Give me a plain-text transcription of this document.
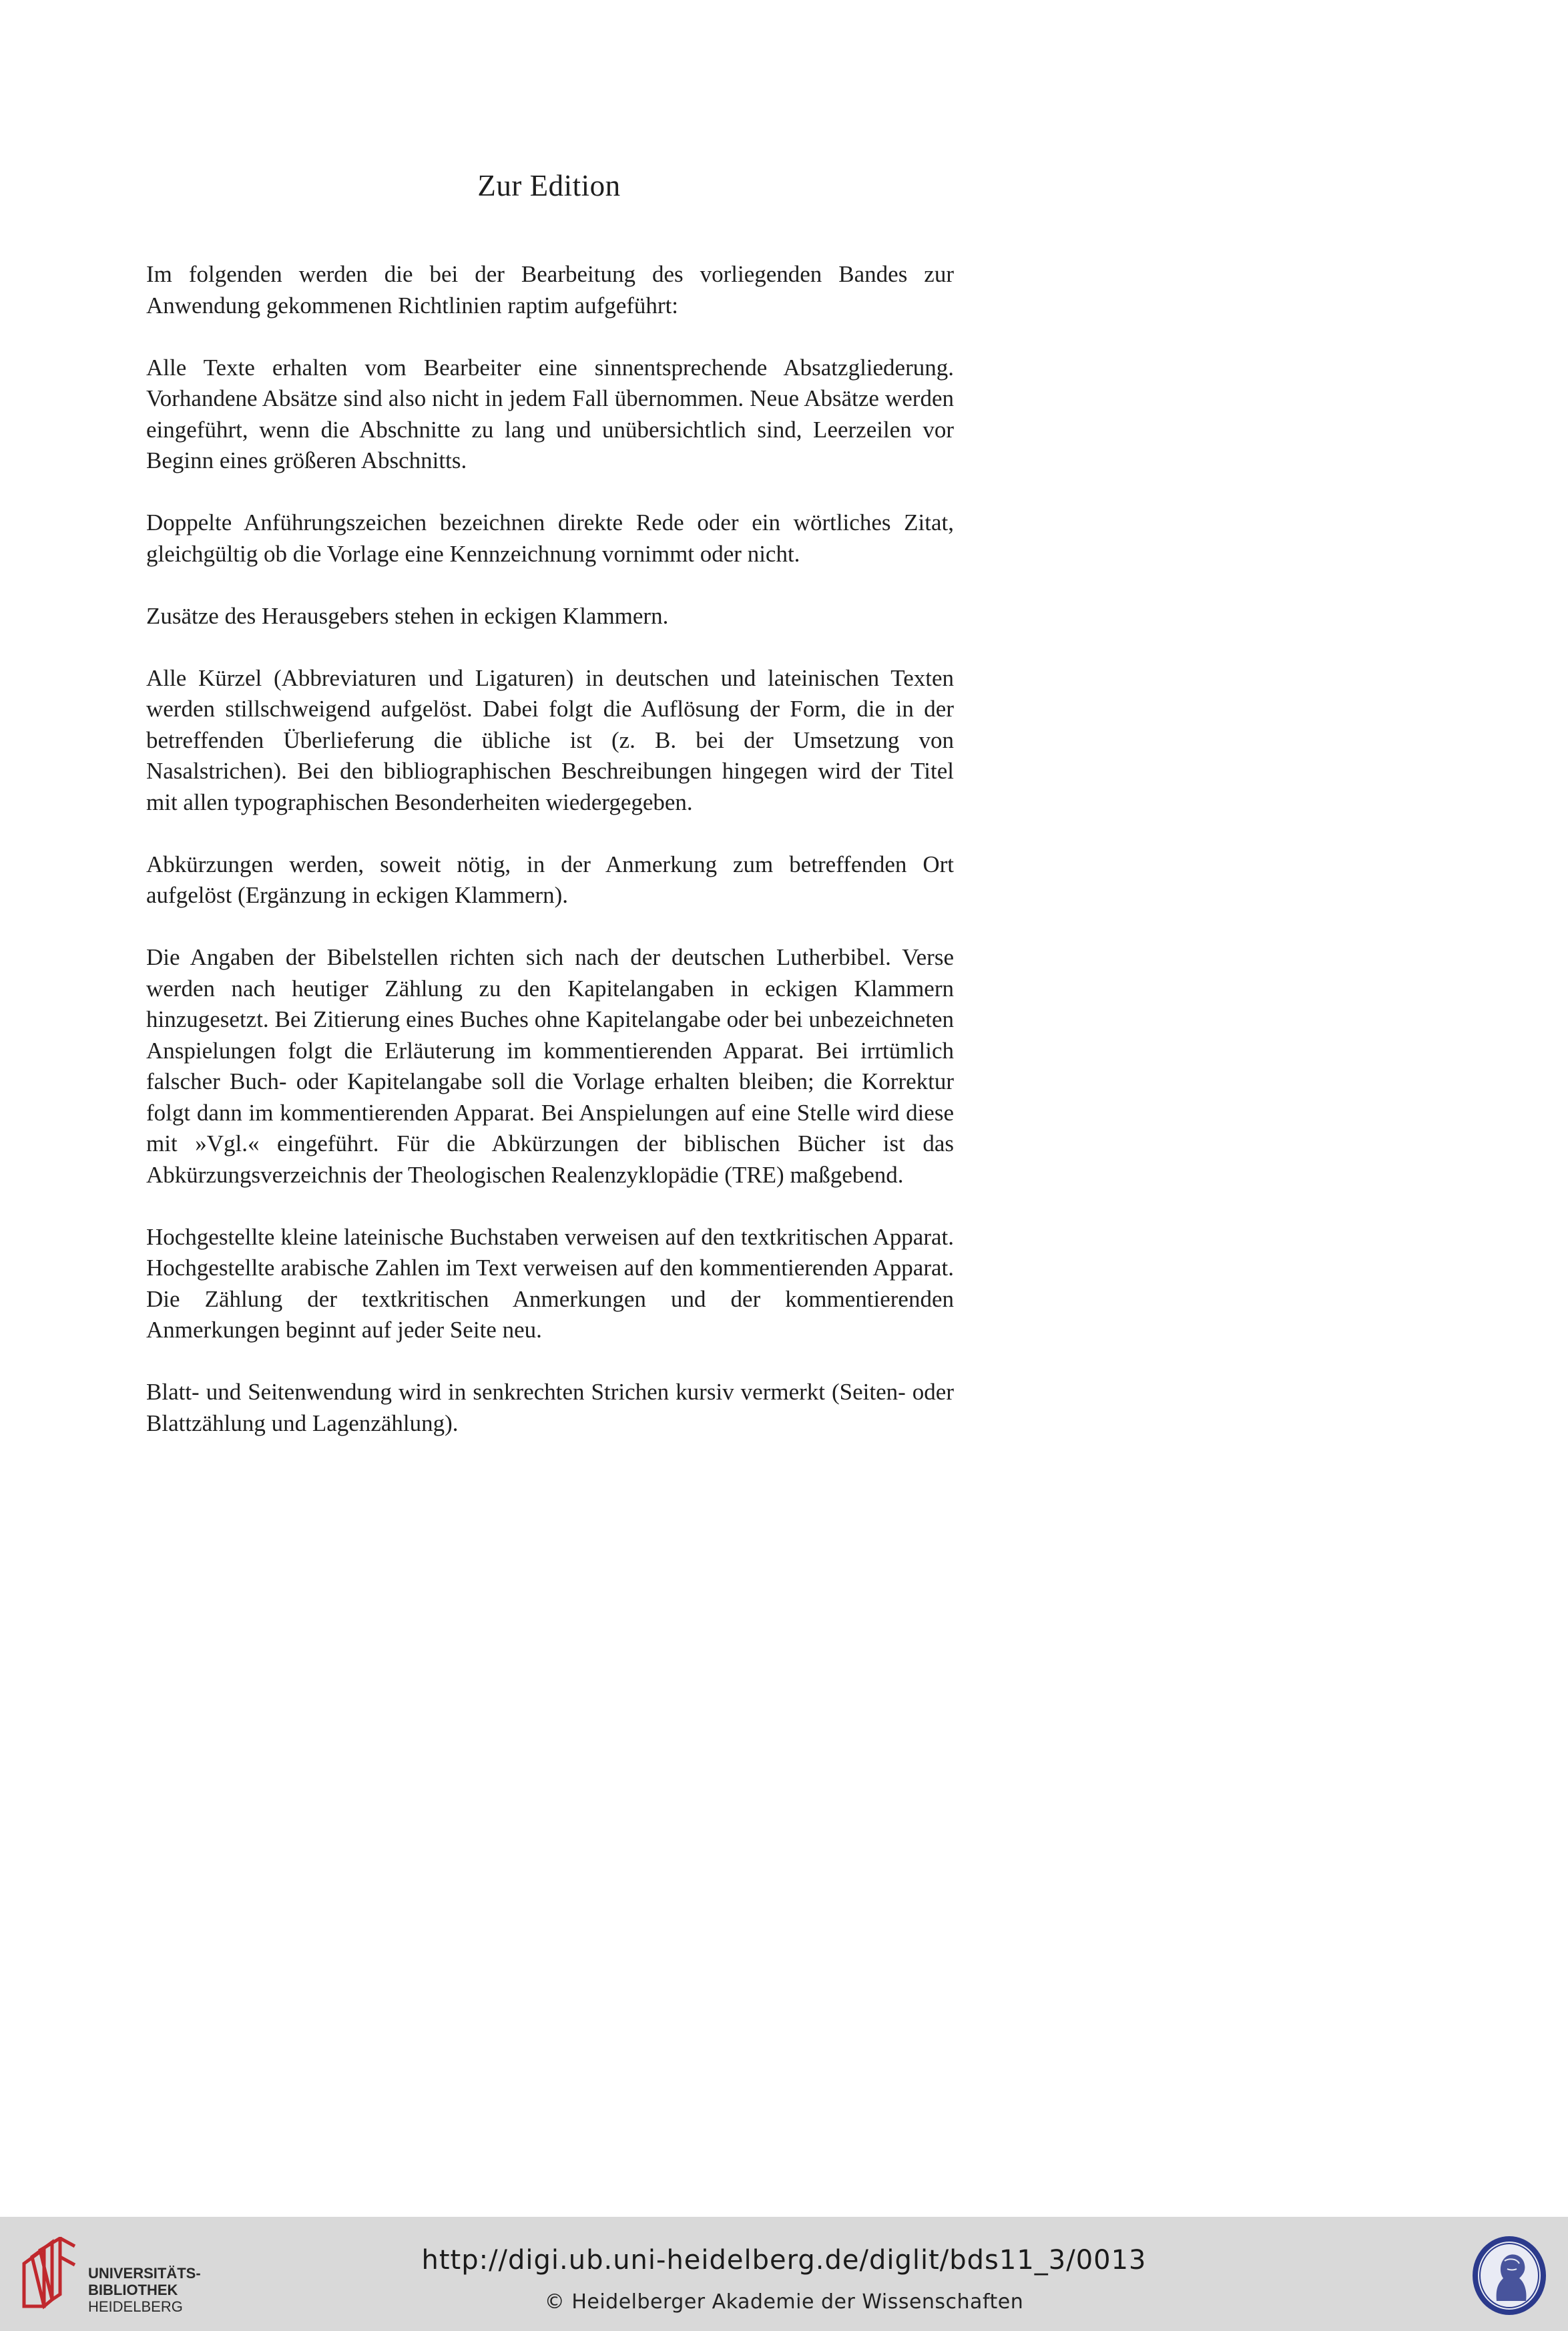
Zur Edition

Im folgenden werden die bei der Bearbeitung des vorliegenden Bandes zur Anwendung gekommenen Richtlinien raptim aufgeführt:

Alle Texte erhalten vom Bearbeiter eine sinnentsprechende Absatzgliederung. Vorhandene Absätze sind also nicht in jedem Fall übernommen. Neue Absätze werden eingeführt, wenn die Abschnitte zu lang und unübersichtlich sind, Leerzeilen vor Beginn eines größeren Abschnitts.

Doppelte Anführungszeichen bezeichnen direkte Rede oder ein wörtliches Zitat, gleichgültig ob die Vorlage eine Kennzeichnung vornimmt oder nicht.

Zusätze des Herausgebers stehen in eckigen Klammern.

Alle Kürzel (Abbreviaturen und Ligaturen) in deutschen und lateinischen Texten werden stillschweigend aufgelöst. Dabei folgt die Auflösung der Form, die in der betreffenden Überlieferung die übliche ist (z. B. bei der Umsetzung von Nasalstrichen). Bei den bibliographischen Beschreibungen hingegen wird der Titel mit allen typographischen Besonderheiten wiedergegeben.

Abkürzungen werden, soweit nötig, in der Anmerkung zum betreffenden Ort aufgelöst (Ergänzung in eckigen Klammern).

Die Angaben der Bibelstellen richten sich nach der deutschen Lutherbibel. Verse werden nach heutiger Zählung zu den Kapitelangaben in eckigen Klammern hinzugesetzt. Bei Zitierung eines Buches ohne Kapitelangabe oder bei unbezeichneten Anspielungen folgt die Erläuterung im kommentierenden Apparat. Bei irrtümlich falscher Buch- oder Kapitelangabe soll die Vorlage erhalten bleiben; die Korrektur folgt dann im kommentierenden Apparat. Bei Anspielungen auf eine Stelle wird diese mit »Vgl.« eingeführt. Für die Abkürzungen der biblischen Bücher ist das Abkürzungsverzeichnis der Theologischen Realenzyklopädie (TRE) maßgebend.

Hochgestellte kleine lateinische Buchstaben verweisen auf den textkritischen Apparat. Hochgestellte arabische Zahlen im Text verweisen auf den kommentierenden Apparat. Die Zählung der textkritischen Anmerkungen und der kommentierenden Anmerkungen beginnt auf jeder Seite neu.

Blatt- und Seitenwendung wird in senkrechten Strichen kursiv vermerkt (Seiten- oder Blattzählung und Lagenzählung).

UNIVERSITÄTS-
BIBLIOTHEK
HEIDELBERG
http://digi.ub.uni-heidelberg.de/diglit/bds11_3/0013
© Heidelberger Akademie der Wissenschaften
